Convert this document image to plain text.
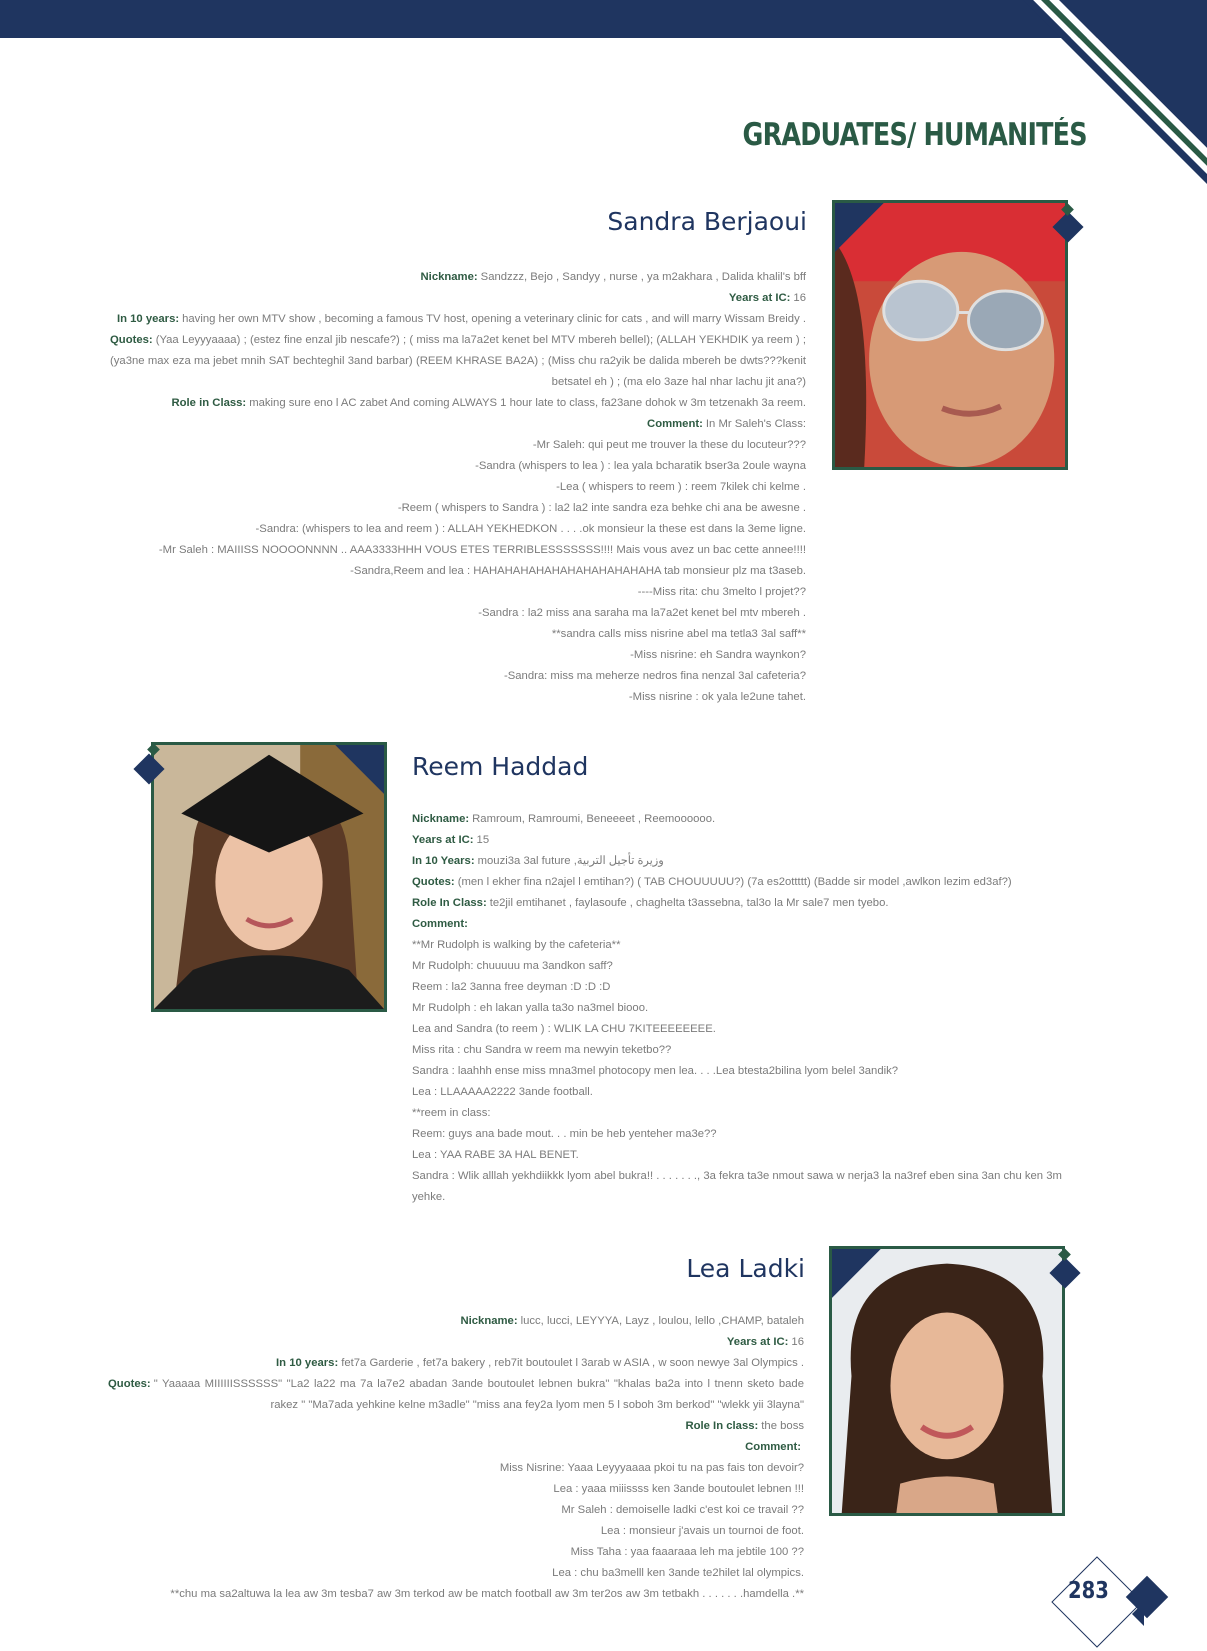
GRADUATES/ HUMANITÉS
Sandra Berjaoui

Nickname: Sandzzz, Bejo , Sandyy , nurse , ya m2akhara , Dalida khalil's bff

Years at IC: 16

In 10 years: having her own MTV show , becoming a famous TV host, opening a veterinary clinic for cats , and will marry Wissam Breidy .

Quotes: (Yaa Leyyyaaaa) ; (estez fine enzal jib nescafe?) ; ( miss ma la7a2et kenet bel MTV mbereh bellel); (ALLAH YEKHDIK ya reem ) ; (ya3ne max eza ma jebet mnih SAT bechteghil 3and barbar) (REEM KHRASE BA2A) ; (Miss chu ra2yik be dalida mbereh be dwts???kenit betsatel eh ) ; (ma elo 3aze hal nhar lachu jit ana?)

Role in Class: making sure eno l AC zabet And coming ALWAYS 1 hour late to class, fa23ane dohok w 3m tetzenakh 3a reem.

Comment: In Mr Saleh's Class:

-Mr Saleh: qui peut me trouver la these du locuteur???

-Sandra (whispers to lea ) : lea yala bcharatik bser3a 2oule wayna

-Lea ( whispers to reem ) : reem 7kilek chi kelme .

-Reem ( whispers to Sandra ) : la2 la2 inte sandra eza behke chi ana be awesne .

-Sandra: (whispers to lea and reem ) : ALLAH YEKHEDKON . . . .ok monsieur la these est dans la 3eme ligne.

-Mr Saleh : MAIIISS NOOOONNNN .. AAA3333HHH VOUS ETES TERRIBLESSSSSSS!!!! Mais vous avez un bac cette annee!!!!

-Sandra,Reem and lea : HAHAHAHAHAHAHAHAHAHAHAHA tab monsieur plz ma t3aseb.

----Miss rita: chu 3melto l projet??

-Sandra : la2 miss ana saraha ma la7a2et kenet bel mtv mbereh .

**sandra calls miss nisrine abel ma tetla3 3al saff**

-Miss nisrine: eh Sandra waynkon?

-Sandra: miss ma meherze nedros fina nenzal 3al cafeteria?

-Miss nisrine : ok yala le2une tahet.

Reem Haddad

Nickname: Ramroum, Ramroumi, Beneeeet , Reemoooooo.

Years at IC: 15

In 10 Years: mouzi3a 3al future ,وزيرة تأجيل التربية

Quotes: (men l ekher fina n2ajel l emtihan?) ( TAB CHOUUUUU?) (7a es2ottttt) (Badde sir model ,awlkon lezim ed3af?)

Role In Class: te2jil emtihanet , faylasoufe , chaghelta t3assebna, tal3o la Mr sale7 men tyebo.

Comment:

**Mr Rudolph is walking by the cafeteria**

Mr Rudolph: chuuuuu ma 3andkon saff?

Reem : la2 3anna free deyman :D :D :D

Mr Rudolph : eh lakan yalla ta3o na3mel biooo.

Lea and Sandra (to reem ) : WLIK LA CHU 7KITEEEEEEEE.

Miss rita : chu Sandra w reem ma newyin teketbo??

Sandra : laahhh ense miss mna3mel photocopy men lea. . . .Lea btesta2bilina lyom belel 3andik?

Lea : LLAAAAA2222 3ande football.

**reem in class:

Reem: guys ana bade mout. . . min be heb yenteher ma3e??

Lea : YAA RABE 3A HAL BENET.

Sandra : Wlik alllah yekhdiikkk lyom abel bukra!! . . . . . . ., 3a fekra ta3e nmout sawa w nerja3 la na3ref eben sina 3an chu ken 3m yehke.

Lea Ladki

Nickname: lucc, lucci, LEYYYA, Layz , loulou, lello ,CHAMP, bataleh

Years at IC: 16

In 10 years: fet7a Garderie , fet7a bakery , reb7it boutoulet l 3arab w ASIA , w soon newye 3al Olympics .

Quotes: " Yaaaaa MIIIIIISSSSSS" "La2 la22 ma 7a la7e2 abadan 3ande boutoulet lebnen bukra" "khalas ba2a into l tnenn sketo bade rakez " "Ma7ada yehkine kelne m3adle" "miss ana fey2a lyom men 5 l soboh 3m berkod" "wlekk yii 3layna"

Role In class: the boss

Comment:

Miss Nisrine: Yaaa Leyyyaaaa pkoi tu na pas fais ton devoir?

Lea : yaaa miiissss ken 3ande boutoulet lebnen !!!

Mr Saleh : demoiselle ladki c'est koi ce travail ??

Lea : monsieur j'avais un tournoi de foot.

Miss Taha : yaa faaaraaa leh ma jebtile 100 ??

Lea : chu ba3melll ken 3ande te2hilet lal olympics.

**chu ma sa2altuwa la lea aw 3m tesba7 aw 3m terkod aw be match football aw 3m ter2os aw 3m tetbakh . . . . . . .hamdella .**	283
